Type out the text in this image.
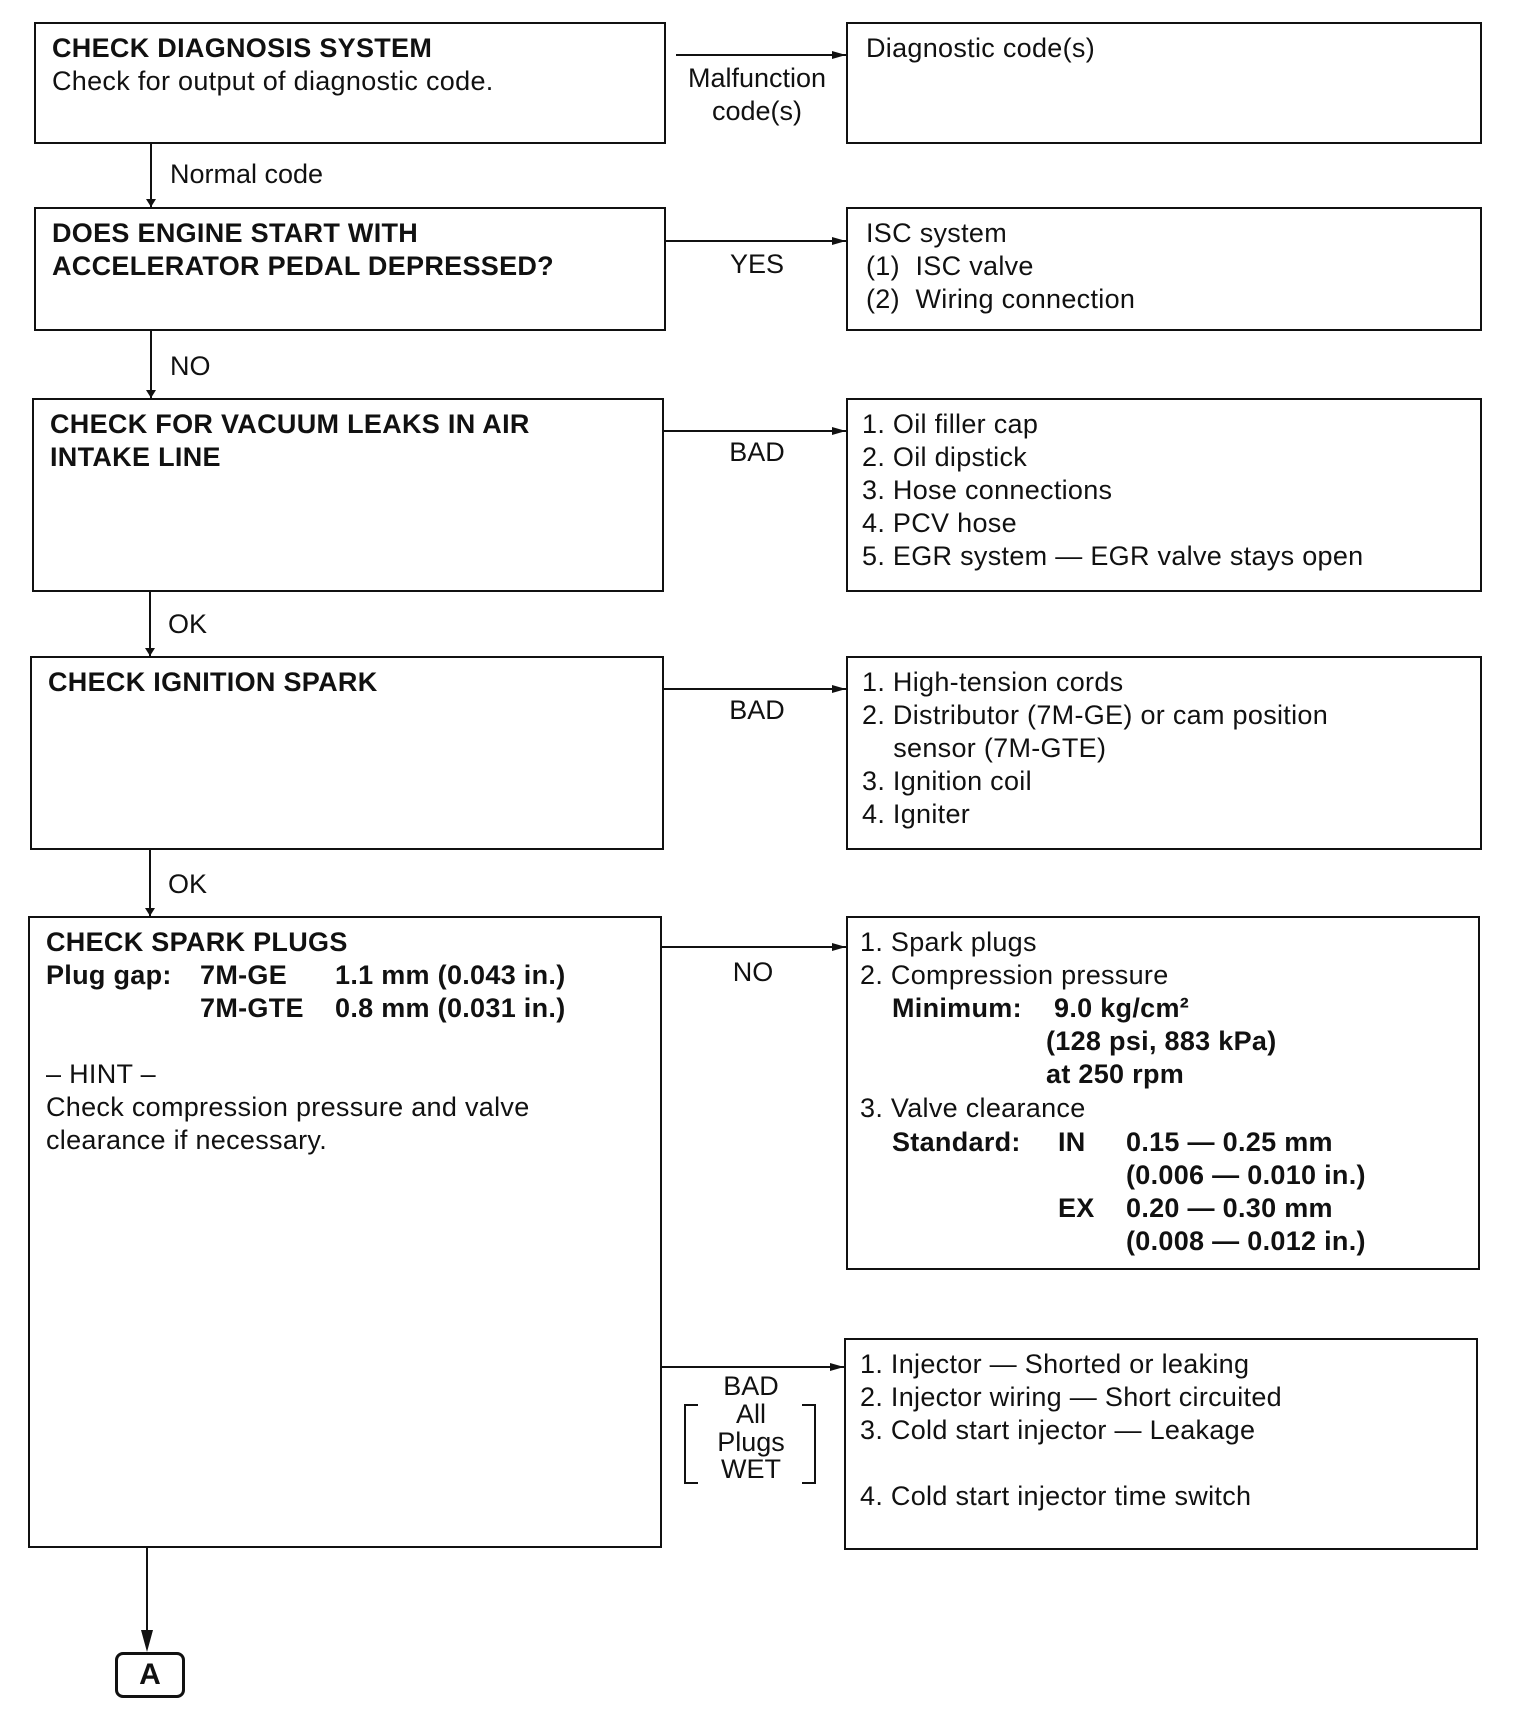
CHECK DIAGNOSIS SYSTEM
Check for output of diagnostic code.
DOES ENGINE START WITH
ACCELERATOR PEDAL DEPRESSED?
CHECK FOR VACUUM LEAKS IN AIR
INTAKE LINE
CHECK IGNITION SPARK
CHECK SPARK PLUGS
Plug gap: 7M-GE 1.1 mm (0.043 in.)
7M-GTE 0.8 mm (0.031 in.)
– HINT –
Check compression pressure and valve
clearance if necessary.
Diagnostic code(s)
ISC system
(1)  ISC valve
(2)  Wiring connection
1. Oil filler cap
2. Oil dipstick
3. Hose connections
4. PCV hose
5. EGR system — EGR valve stays open
1. High-tension cords
2. Distributor (7M-GE) or cam position
sensor (7M-GTE)
3. Ignition coil
4. Igniter
1. Spark plugs
2. Compression pressure
Minimum: 9.0 kg/cm²
(128 psi, 883 kPa)
at 250 rpm
3. Valve clearance
Standard: IN 0.15 — 0.25 mm
(0.006 — 0.010 in.)
EX 0.20 — 0.30 mm
(0.008 — 0.012 in.)
1. Injector — Shorted or leaking
2. Injector wiring — Short circuited
3. Cold start injector — Leakage
4. Cold start injector time switch
Normal code
NO
OK
OK
A
Malfunction
code(s)
YES
BAD
BAD
NO
BAD
All
Plugs
WET
